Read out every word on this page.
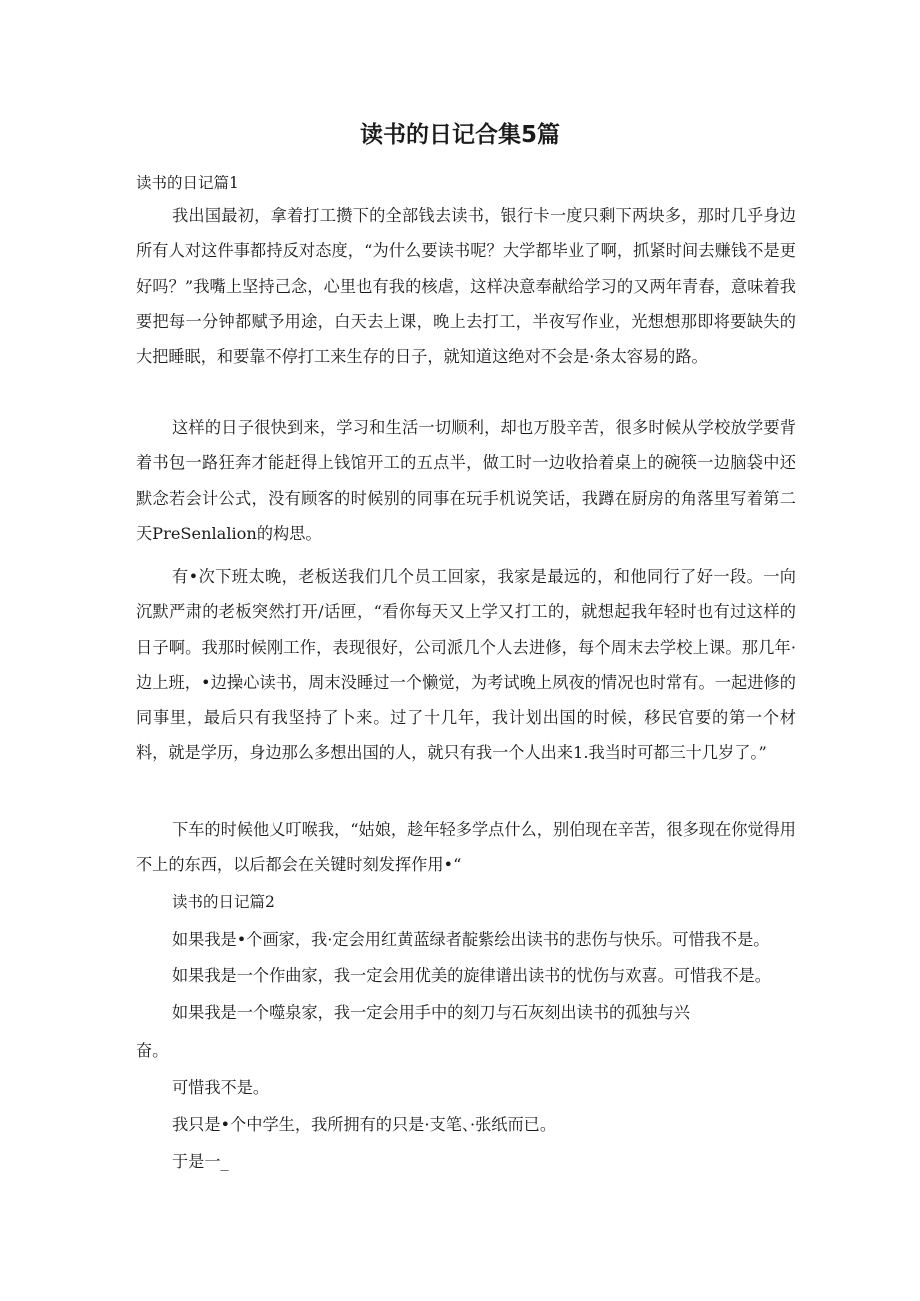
读书的日记合集5篇

读书的日记篇1

我出国最初，拿着打工攒下的全部钱去读书，银行卡一度只剩下两块多，那时几乎身边所有人对这件事都持反对态度，“为什么要读书呢？大学都毕业了啊，抓紧时间去赚钱不是更好吗？”我嘴上坚持己念，心里也有我的核虐，这样决意奉献给学习的又两年青春，意味着我要把每一分钟都赋予用途，白天去上课，晚上去打工，半夜写作业，光想想那即将要缺失的大把睡眠，和要靠不停打工来生存的日子，就知道这绝对不会是·条太容易的路。

这样的日子很快到来，学习和生活一切顺利，却也万股辛苦，很多时候从学校放学要背着书包一路狂奔才能赶得上钱馆开工的五点半，做工时一边收拾着桌上的碗筷一边脑袋中还默念若会计公式，没有顾客的时候别的同事在玩手机说笑话，我蹲在厨房的角落里写着第二天PreSenlalion的构思。

有•次下班太晚，老板送我们几个员工回家，我家是最远的，和他同行了好一段。一向沉默严肃的老板突然打开/话匣，“看你每天又上学又打工的，就想起我年轻时也有过这样的日子啊。我那时候刚工作，表现很好，公司派几个人去进修，每个周末去学校上课。那几年·边上班，•边操心读书，周末没睡过一个懒觉，为考试晚上夙夜的情况也时常有。一起进修的同事里，最后只有我坚持了卜来。过了十几年，我计划出国的时候，移民官要的第一个材料，就是学历，身边那么多想出国的人，就只有我一个人出来1.我当时可都三十几岁了。”

下车的时候他乂叮喉我，“姑娘，趁年轻多学点什么，别伯现在辛苦，很多现在你觉得用不上的东西，以后都会在关键时刻发挥作用•“

读书的日记篇2

如果我是•个画家，我·定会用红黄蓝绿者靛紫绘出读书的悲伤与快乐。可惜我不是。

如果我是一个作曲家，我一定会用优美的旋律谱出读书的忧伤与欢喜。可惜我不是。

如果我是一个噬泉家，我一定会用手中的刻刀与石灰刻出读书的孤独与兴

奋。

可惜我不是。

我只是•个中学生，我所拥有的只是·支笔、·张纸而已。

于是一_
